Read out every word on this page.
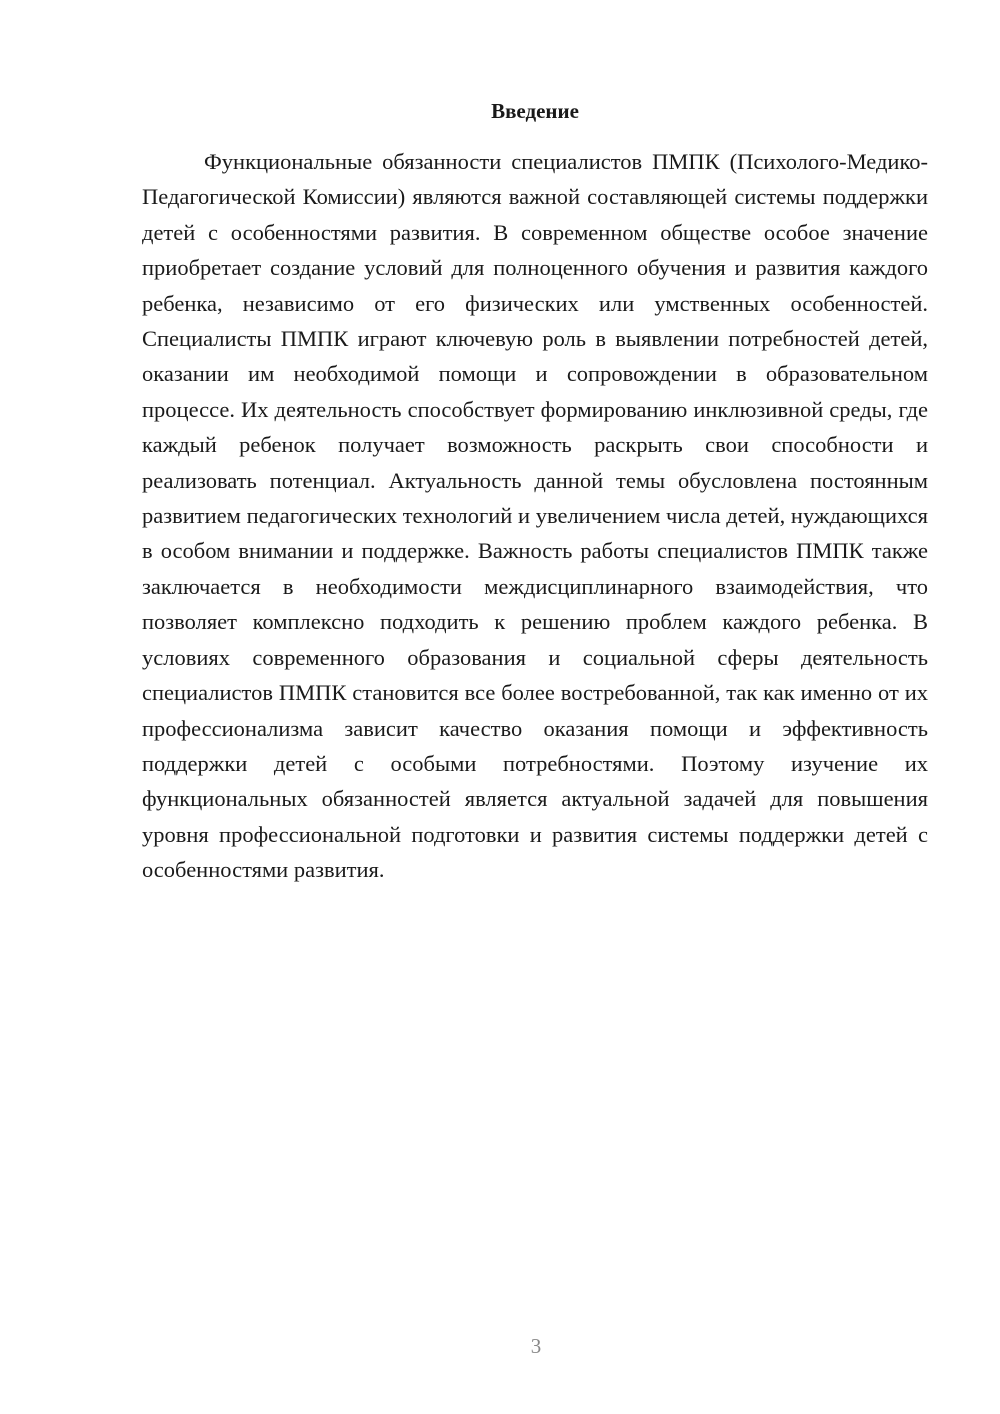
Введение

Функциональные обязанности специалистов ПМПК (Психолого-Медико-Педагогической Комиссии) являются важной составляющей системы поддержки детей с особенностями развития. В современном обществе особое значение приобретает создание условий для полноценного обучения и развития каждого ребенка, независимо от его физических или умственных особенностей. Специалисты ПМПК играют ключевую роль в выявлении потребностей детей, оказании им необходимой помощи и сопровождении в образовательном процессе. Их деятельность способствует формированию инклюзивной среды, где каждый ребенок получает возможность раскрыть свои способности и реализовать потенциал. Актуальность данной темы обусловлена постоянным развитием педагогических технологий и увеличением числа детей, нуждающихся в особом внимании и поддержке. Важность работы специалистов ПМПК также заключается в необходимости междисциплинарного взаимодействия, что позволяет комплексно подходить к решению проблем каждого ребенка. В условиях современного образования и социальной сферы деятельность специалистов ПМПК становится все более востребованной, так как именно от их профессионализма зависит качество оказания помощи и эффективность поддержки детей с особыми потребностями. Поэтому изучение их функциональных обязанностей является актуальной задачей для повышения уровня профессиональной подготовки и развития системы поддержки детей с особенностями развития.

3
